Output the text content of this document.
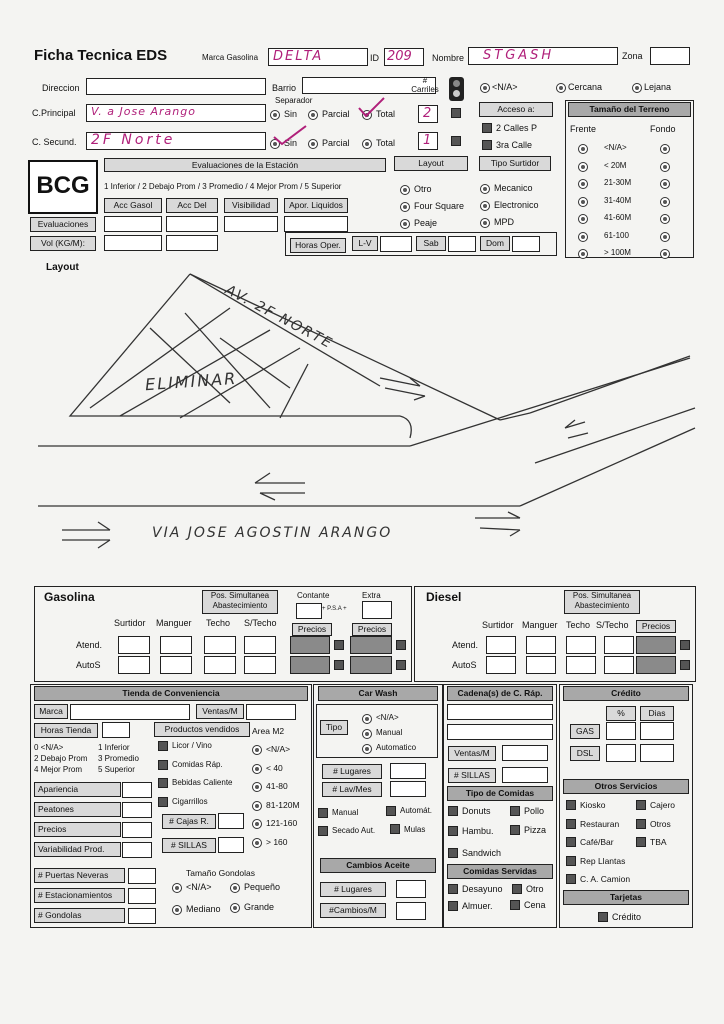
Ficha Tecnica EDS	Marca Gasolina DELTA	ID 209 Nombre STGASH	Zona
Direccion	Barrio
Separador
# Carriles	<N/A>	Cercana	Lejana
C.Principal V. a Jose Arango	Sin	Parcial	Total 2
C. Secund. 2F Norte	Sin	Parcial	Total 1
Acceso a:
2 Calles P
3ra Calle
Tamaño del Terreno
Frente	Fondo
<N/A>
< 20M
21-30M
31-40M
41-60M
61-100
> 100M
BCG
Evaluaciones de la Estación
1 Inferior / 2 Debajo Prom / 3 Promedio / 4 Mejor Prom / 5 Superior
Acc Gasol	Acc Del	Visibilidad	Apor. Liquidos
Evaluaciones
Vol (KG/M):
Layout
Otro
Four Square
Peaje
Tipo Surtidor
Mecanico
Electronico
MPD
Horas Oper.	L-V	Sab	Dom
Layout
AV. 2F NORTE
ELIMINAR
VIA JOSE AGOSTIN ARANGO
Gasolina	Pos. Simultanea Abastecimiento
Contante	Extra
+ P.S.A +
Precios	Precios
Surtidor Manguer Techo S/Techo
Atend.
AutoS
Diesel	Pos. Simultanea Abastecimiento
Precios
Surtidor Manguer Techo S/Techo
Atend.
AutoS
Tienda de Conveniencia
Marca	Ventas/M
Horas Tienda	Productos vendidos	Area M2
0 <N/A>	1 Inferior
2 Debajo Prom 3 Promedio
4 Mejor Prom 5 Superior
Apariencia
Peatones
Precios
Variabilidad Prod.
Licor / Vino
Comidas Ráp.
Bebidas Caliente
Cigarrillos
# Cajas R.
# SILLAS
<N/A>
< 40
41-80
81-120M
121-160
> 160
# Puertas Neveras
# Estacionamientos
# Gondolas
Tamaño Gondolas
<N/A>	Pequeño
Mediano	Grande
Car Wash
Tipo
<N/A>
Manual
Automatico
# Lugares
# Lav/Mes
Manual	Automát.
Secado Aut.	Mulas
Cambios Aceite
# Lugares
#Cambios/M
Cadena(s) de C. Ráp.
Ventas/M
# SILLAS
Tipo de Comidas
Donuts	Pollo
Hambu.	Pizza
Sandwich
Comidas Servidas
Desayuno	Otro
Almuer.	Cena
Crédito
%	Dias
GAS
DSL
Otros Servicios
Kiosko	Cajero
Restauran	Otros
Café/Bar	TBA
Rep Llantas
C. A. Camion
Tarjetas
Crédito
